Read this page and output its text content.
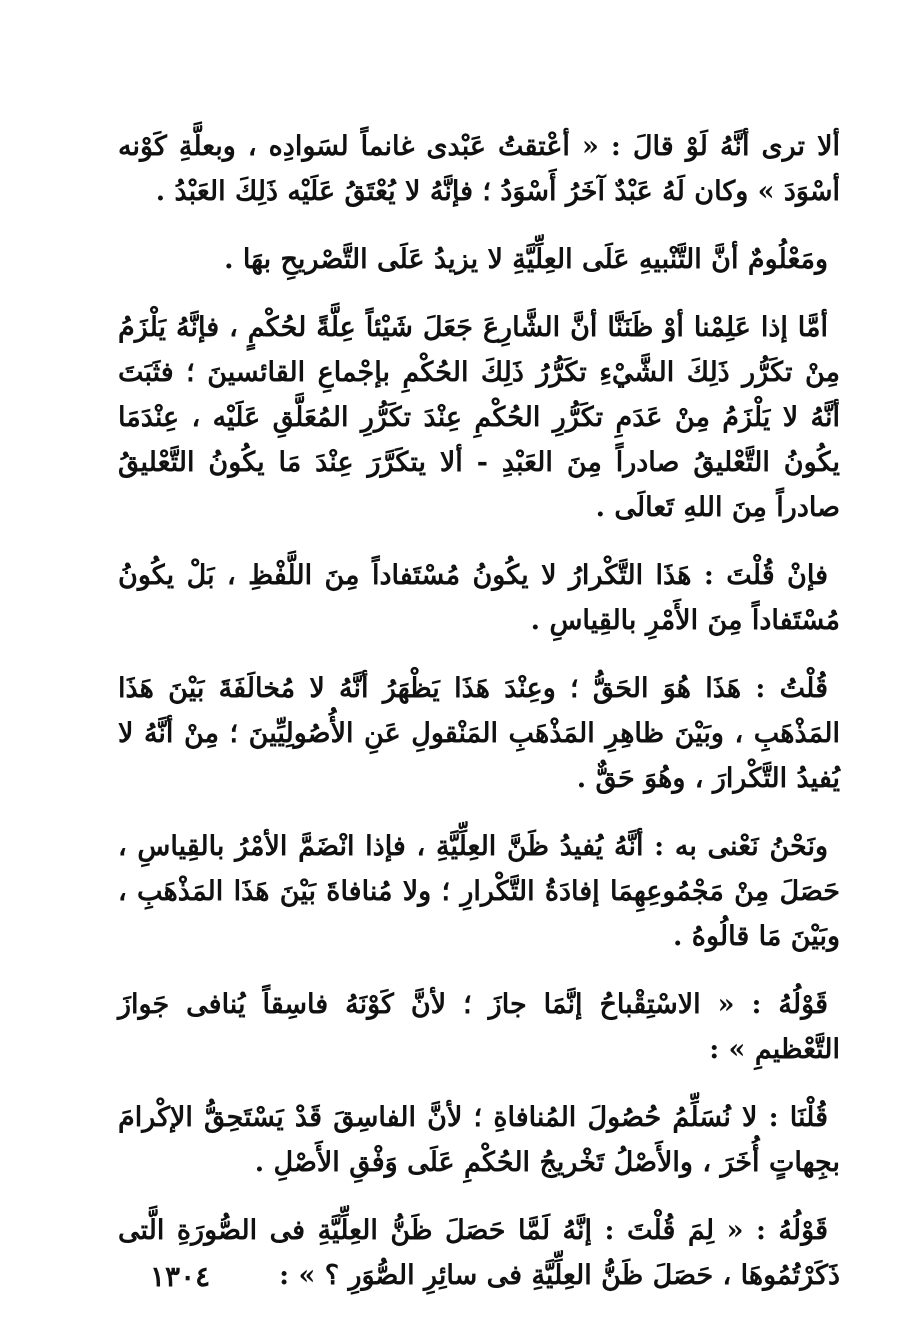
ألا ترى أنَّهُ لَوْ قالَ : « أعْتقتُ عَبْدى غانماً لسَوادِه ، وبعلَّةِ كَوْنه أسْوَدَ » وكان لَهُ عَبْدٌ آخَرُ أَسْوَدُ ؛ فإنَّهُ لا يُعْتَقُ عَلَيْه ذَلِكَ العَبْدُ .

ومَعْلُومٌ أنَّ التَّنْبيهِ عَلَى العِلِّيَّةِ لا يزيدُ عَلَى التَّصْريحِ بهَا .

أمَّا إذا عَلِمْنا أوْ ظَنَنَّا أنَّ الشَّارِعَ جَعَلَ شَيْئاً عِلَّةً لحُكْمٍ ، فإنَّهُ يَلْزَمُ مِنْ تكَرُّر ذَلِكَ الشَّيْءِ تكَرُّرُ ذَلِكَ الحُكْمِ بإجْماعِ القائسينَ ؛ فثَبَتَ أنَّهُ لا يَلْزَمُ مِنْ عَدَمِ تكَرُّرِ الحُكْمِ عِنْدَ تكَرُّرِ المُعَلَّقِ عَلَيْه ، عِنْدَمَا يكُونُ التَّعْليقُ صادراً مِنَ العَبْدِ - ألا يتكَرَّرَ عِنْدَ مَا يكُونُ التَّعْليقُ صادراً مِنَ اللهِ تَعالَى .

فإنْ قُلْتَ : هَذَا التَّكْرارُ لا يكُونُ مُسْتَفاداً مِنَ اللَّفْظِ ، بَلْ يكُونُ مُسْتَفاداً مِنَ الأَمْرِ بالقِياسِ .

قُلْتُ : هَذَا هُوَ الحَقُّ ؛ وعِنْدَ هَذَا يَظْهَرُ أنَّهُ لا مُخالَفَةَ بَيْنَ هَذَا المَذْهَبِ ، وبَيْنَ ظاهِرِ المَذْهَبِ المَنْقولِ عَنِ الأُصُولِيِّينَ ؛ مِنْ أنَّهُ لا يُفيدُ التَّكْرارَ ، وهُوَ حَقٌّ .

ونَحْنُ نَعْنى به : أنَّهُ يُفيدُ ظَنَّ العِلِّيَّةِ ، فإذا انْضَمَّ الأمْرُ بالقِياسِ ، حَصَلَ مِنْ مَجْمُوعِهِمَا إفادَةُ التَّكْرارِ ؛ ولا مُنافاةَ بَيْنَ هَذَا المَذْهَبِ ، وبَيْنَ مَا قالُوهُ .

قَوْلُهُ : « الاسْتِقْباحُ إنَّمَا جازَ ؛ لأنَّ كَوْنَهُ فاسِقاً يُنافى جَوازَ التَّعْظيمِ » :

قُلْنَا : لا نُسَلِّمُ حُصُولَ المُنافاةِ ؛ لأنَّ الفاسِقَ قَدْ يَسْتَحِقُّ الإكْرامَ بجِهاتٍ أُخَرَ ، والأَصْلُ تَخْريجُ الحُكْمِ عَلَى وَفْقِ الأَصْلِ .

قَوْلُهُ : « لِمَ قُلْتَ : إنَّهُ لَمَّا حَصَلَ ظَنُّ العِلِّيَّةِ فى الصُّورَةِ الَّتى ذَكَرْتُمُوهَا ، حَصَلَ ظَنُّ العِلِّيَّةِ فى سائِرِ الصُّوَرِ ؟ » :

١٣٠٤
